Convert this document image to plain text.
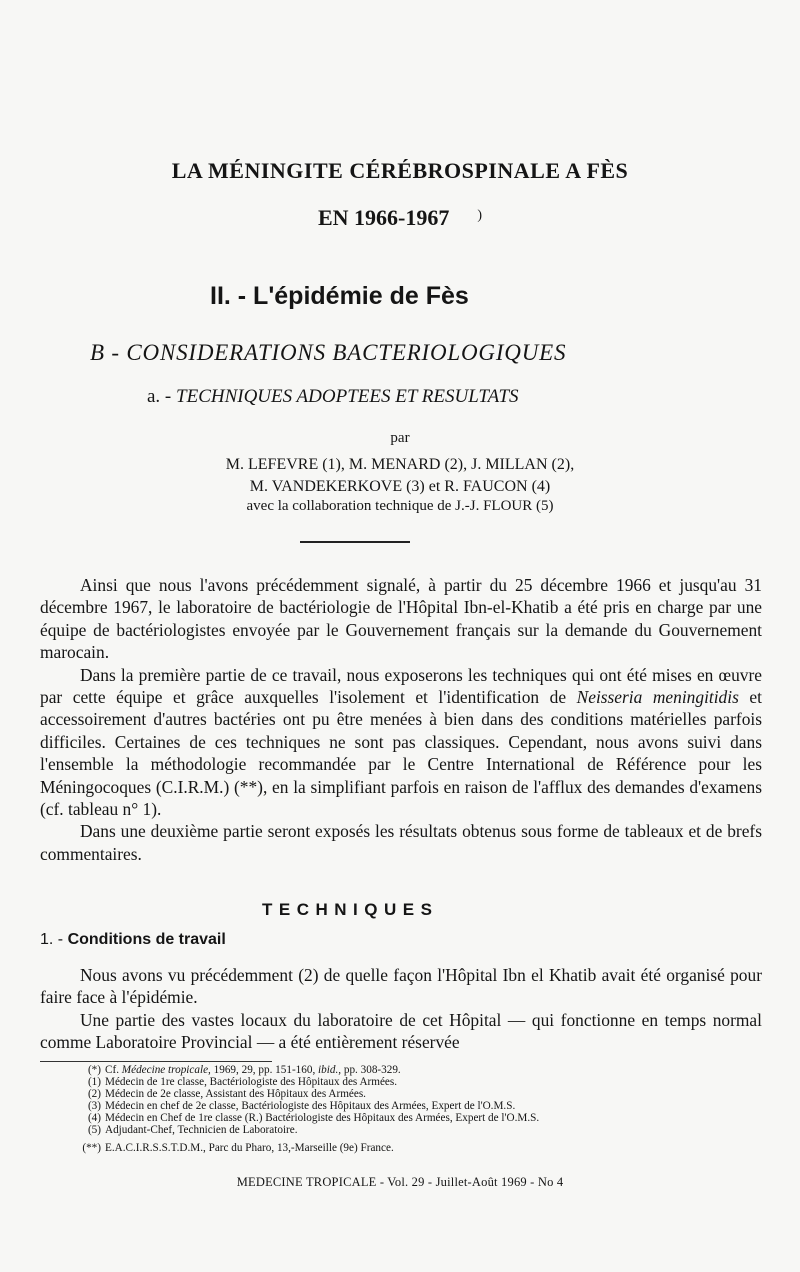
LA MÉNINGITE CÉRÉBROSPINALE A FÈS
EN 1966-1967 )
II. - L'épidémie de Fès
B - CONSIDERATIONS BACTERIOLOGIQUES
a. - TECHNIQUES ADOPTEES ET RESULTATS
par
M. LEFEVRE (1), M. MENARD (2), J. MILLAN (2),
M. VANDEKERKOVE (3) et R. FAUCON (4)
avec la collaboration technique de J.-J. FLOUR (5)

Ainsi que nous l'avons précédemment signalé, à partir du 25 décembre 1966 et jusqu'au 31 décembre 1967, le laboratoire de bactériologie de l'Hôpital Ibn-el-Khatib a été pris en charge par une équipe de bactériologistes envoyée par le Gouvernement français sur la demande du Gouvernement marocain.

Dans la première partie de ce travail, nous exposerons les techniques qui ont été mises en œuvre par cette équipe et grâce auxquelles l'isolement et l'identification de Neisseria meningitidis et accessoirement d'autres bactéries ont pu être menées à bien dans des conditions matérielles parfois difficiles. Certaines de ces techniques ne sont pas classiques. Cependant, nous avons suivi dans l'ensemble la méthodologie recommandée par le Centre International de Référence pour les Méningocoques (C.I.R.M.) (**), en la simplifiant parfois en raison de l'afflux des demandes d'examens (cf. tableau n° 1).

Dans une deuxième partie seront exposés les résultats obtenus sous forme de tableaux et de brefs commentaires.

TECHNIQUES
1. - Conditions de travail

Nous avons vu précédemment (2) de quelle façon l'Hôpital Ibn el Khatib avait été organisé pour faire face à l'épidémie.

Une partie des vastes locaux du laboratoire de cet Hôpital — qui fonctionne en temps normal comme Laboratoire Provincial — a été entièrement réservée

(*) Cf. Médecine tropicale, 1969, 29, pp. 151-160, ibid., pp. 308-329.
(1) Médecin de 1re classe, Bactériologiste des Hôpitaux des Armées.
(2) Médecin de 2e classe, Assistant des Hôpitaux des Armées.
(3) Médecin en chef de 2e classe, Bactériologiste des Hôpitaux des Armées, Expert de l'O.M.S.
(4) Médecin en Chef de 1re classe (R.) Bactériologiste des Hôpitaux des Armées, Expert de l'O.M.S.
(5) Adjudant-Chef, Technicien de Laboratoire.
(**) E.A.C.I.R.S.S.T.D.M., Parc du Pharo, 13,-Marseille (9e) France.
MEDECINE TROPICALE - Vol. 29 - Juillet-Août 1969 - No 4
